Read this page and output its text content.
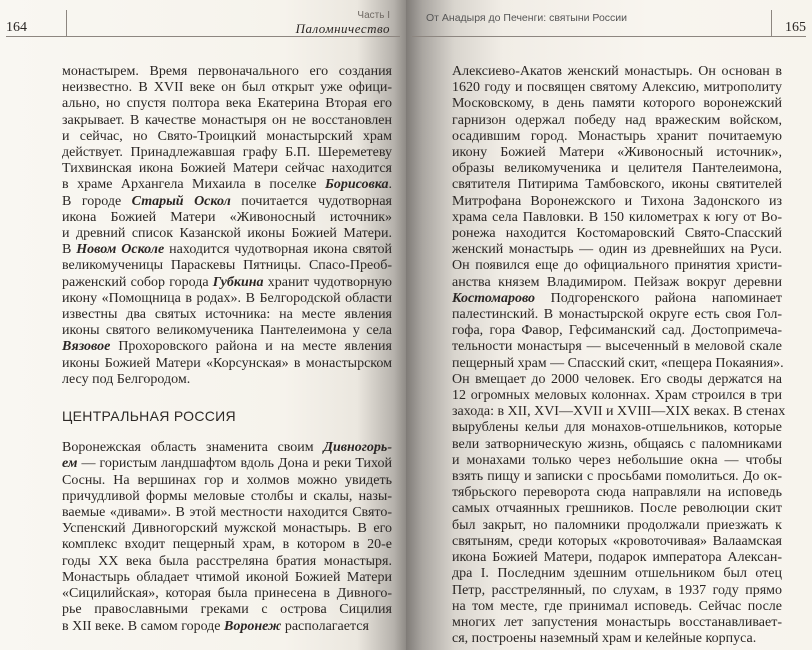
164
Часть I
Паломничество
монастырем. Время первоначального его создания
неизвестно. В XVII веке он был открыт уже офици-
ально, но спустя полтора века Екатерина Вторая его
закрывает. В качестве монастыря он не восстановлен
и сейчас, но Свято-Троицкий монастырский храм
действует. Принадлежавшая графу Б.П. Шереметеву
Тихвинская икона Божией Матери сейчас находится
в храме Архангела Михаила в поселке Борисовка.
В городе Старый Оскол почитается чудотворная
икона Божией Матери «Живоносный источник»
и древний список Казанской иконы Божией Матери.
В Новом Осколе находится чудотворная икона святой
великомученицы Параскевы Пятницы. Спасо-Преоб-
раженский собор города Губкина хранит чудотворную
икону «Помощница в родах». В Белгородской области
известны два святых источника: на месте явления
иконы святого великомученика Пантелеимона у села
Вязовое Прохоровского района и на месте явления
иконы Божией Матери «Корсунская» в монастырском
лесу под Белгородом.
ЦЕНТРАЛЬНАЯ РОССИЯ
Воронежская область знаменита своим Дивногорь-
ем — гористым ландшафтом вдоль Дона и реки Тихой
Сосны. На вершинах гор и холмов можно увидеть
причудливой формы меловые столбы и скалы, назы-
ваемые «дивами». В этой местности находится Свято-
Успенский Дивногорский мужской монастырь. В его
комплекс входит пещерный храм, в котором в 20-е
годы XX века была расстреляна братия монастыря.
Монастырь обладает чтимой иконой Божией Матери
«Сицилийская», которая была принесена в Дивного-
рье православными греками с острова Сицилия
в XII векe. В самом городе Воронеж располагается
165
От Анадыря до Печенги: святыни России
Алексиево-Акатов женский монастырь. Он основан в
1620 году и посвящен святому Алексию, митрополиту
Московскому, в день памяти которого воронежский
гарнизон одержал победу над вражеским войском,
осадившим город. Монастырь хранит почитаемую
икону Божией Матери «Живоносный источник»,
образы великомученика и целителя Пантелеимона,
святителя Питирима Тамбовского, иконы святителей
Митрофана Воронежского и Тихона Задонского из
храма села Павловки. В 150 километрах к югу от Во-
ронежа находится Костомаровский Свято-Спасский
женский монастырь — один из древнейших на Руси.
Он появился еще до официального принятия христи-
анства князем Владимиром. Пейзаж вокруг деревни
Костомарово Подгоренского района напоминает
палестинский. В монастырской округе есть своя Гол-
гофа, гора Фавор, Гефсиманский сад. Достопримеча-
тельности монастыря — высеченный в меловой скале
пещерный храм — Спасский скит, «пещера Покаяния».
Он вмещает до 2000 человек. Его своды держатся на
12 огромных меловых колоннах. Храм строился в три
захода: в XII, XVI—XVII и XVIII—XIX веках. В стенах
вырублены кельи для монахов-отшельников, которые
вели затворническую жизнь, общаясь с паломниками
и монахами только через небольшие окна — чтобы
взять пищу и записки с просьбами помолиться. До ок-
тябрьского переворота сюда направляли на исповедь
самых отчаянных грешников. После революции скит
был закрыт, но паломники продолжали приезжать к
святыням, среди которых «кровоточивая» Валаамская
икона Божией Матери, подарок императора Алексан-
дра I. Последним здешним отшельником был отец
Петр, расстрелянный, по слухам, в 1937 году прямо
на том месте, где принимал исповедь. Сейчас после
многих лет запустения монастырь восстанавливает-
ся, построены наземный храм и келейные корпуса.
